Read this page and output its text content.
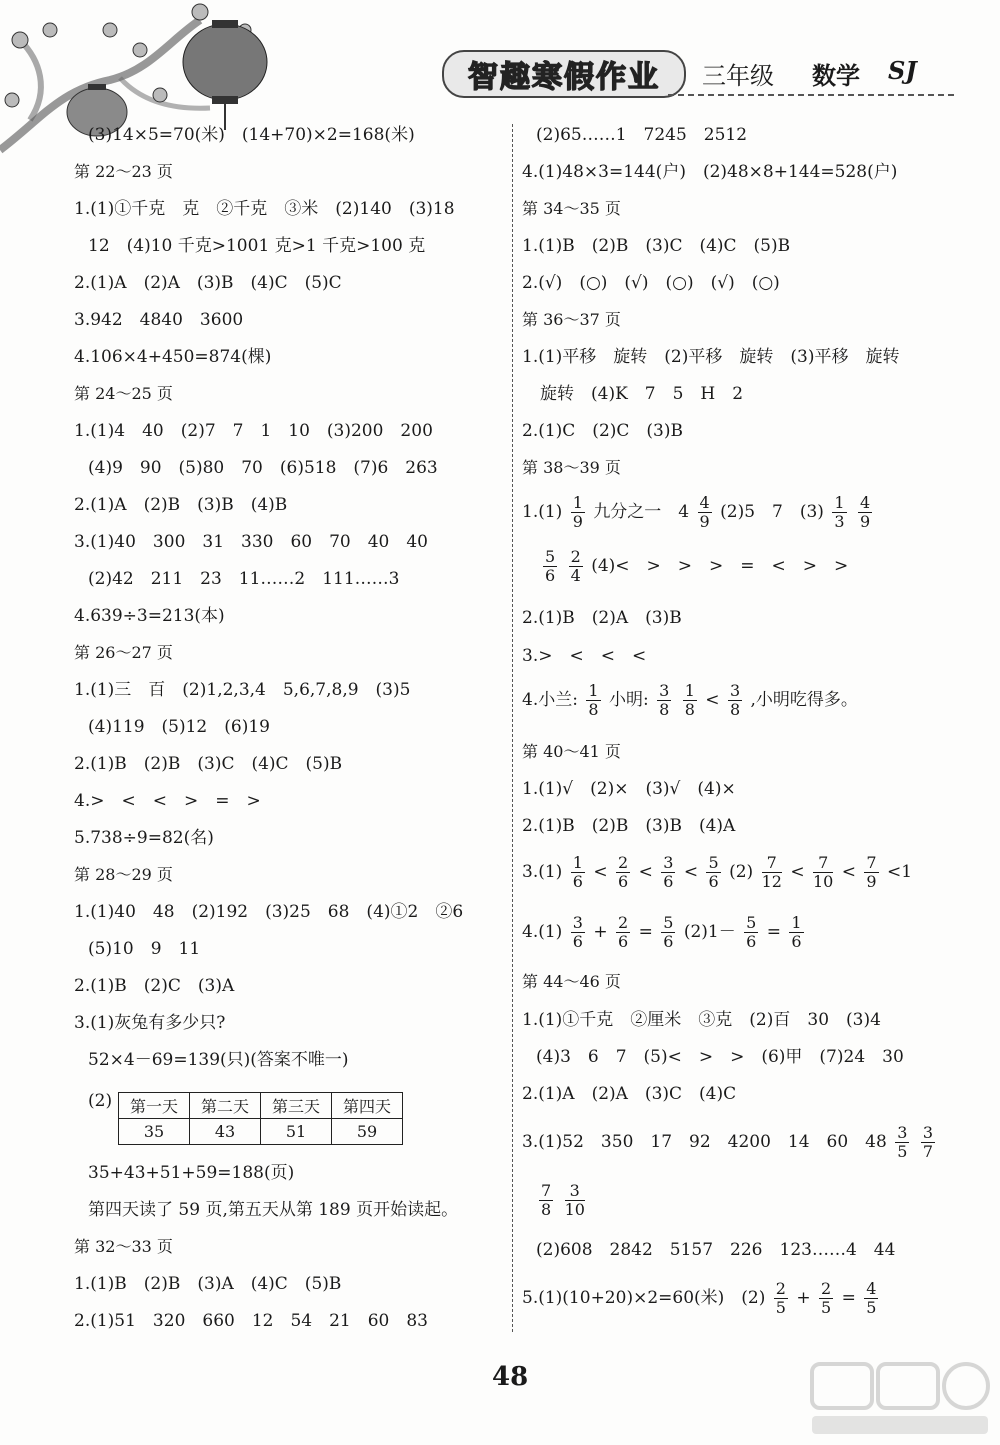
智趣寒假作业	三年级 数学 SJ
(3)14×5=70(米)　(14+70)×2=168(米)
第 22～23 页
1.(1)①千克　克　②千克　③米　(2)140　(3)18
12　(4)10 千克>1001 克>1 千克>100 克
2.(1)A　(2)A　(3)B　(4)C　(5)C
3.942　4840　3600
4.106×4+450=874(棵)
第 24～25 页
1.(1)4　40　(2)7　7　1　10　(3)200　200
(4)9　90　(5)80　70　(6)518　(7)6　263
2.(1)A　(2)B　(3)B　(4)B
3.(1)40　300　31　330　60　70　40　40
(2)42　211　23　11……2　111……3
4.639÷3=213(本)
第 26～27 页
1.(1)三　百　(2)1,2,3,4　5,6,7,8,9　(3)5
(4)119　(5)12　(6)19
2.(1)B　(2)B　(3)C　(4)C　(5)B
4.>　<　<　>　=　>
5.738÷9=82(名)
第 28～29 页
1.(1)40　48　(2)192　(3)25　68　(4)①2　②6
(5)10　9　11
2.(1)B　(2)C　(3)A
3.(1)灰兔有多少只?
52×4－69=139(只)(答案不唯一)
(2)
35+43+51+59=188(页)
第四天读了 59 页,第五天从第 189 页开始读起。
第 32～33 页
1.(1)B　(2)B　(3)A　(4)C　(5)B
2.(1)51　320　660　12　54　21　60　83
第一天	第二天	第三天	第四天
35	43	51	59
(2)65……1　7245　2512
4.(1)48×3=144(户)　(2)48×8+144=528(户)
第 34～35 页
1.(1)B　(2)B　(3)C　(4)C　(5)B
2.(√)　(○)　(√)　(○)　(√)　(○)
第 36～37 页
1.(1)平移　旋转　(2)平移　旋转　(3)平移　旋转
旋转　(4)K　7　5　H　2
2.(1)C　(2)C　(3)B
第 38～39 页
$1.(1) \frac{1}{9}$ 九分之一　$4 \frac{4}{9} (2)5$　7　$(3) \frac{1}{3}$
$\frac{4}{9}$
$\frac{5}{6}$
$\frac{2}{4} (4)<$　>　>　>　=　<　>　>
2.(1)B　(2)A　(3)B
3.>　<　<　<
4.小兰: $\frac{1}{8}$ 小明: $\frac{3}{8}$
$\frac{1}{8} < \frac{3}{8}$ ,小明吃得多。
第 40～41 页
1.(1)√　(2)×　(3)√　(4)×
2.(1)B　(2)B　(3)B　(4)A
$3.(1) \frac{1}{6} < \frac{2}{6} < \frac{3}{6} < \frac{5}{6} (2) \frac{7}{12} < \frac{7}{10} < \frac{7}{9} <1$
$4.(1) \frac{3}{6} + \frac{2}{6} = \frac{5}{6} (2)1- \frac{5}{6} = \frac{1}{6}$
第 44～46 页
1.(1)①千克　②厘米　③克　(2)百　30　(3)4
(4)3　6　7　(5)<　>　>　(6)甲　(7)24　30
2.(1)A　(2)A　(3)C　(4)C
3.(1)52　350　17　92　4200　14　60　$48 \frac{3}{5}$
$\frac{3}{7}$
$\frac{7}{8}$
$\frac{3}{10}$
(2)608　2842　5157　226　123……4　44
5.(1)(10+20)×2=60(米)　$(2) \frac{2}{5} + \frac{2}{5} = \frac{4}{5}$
48
